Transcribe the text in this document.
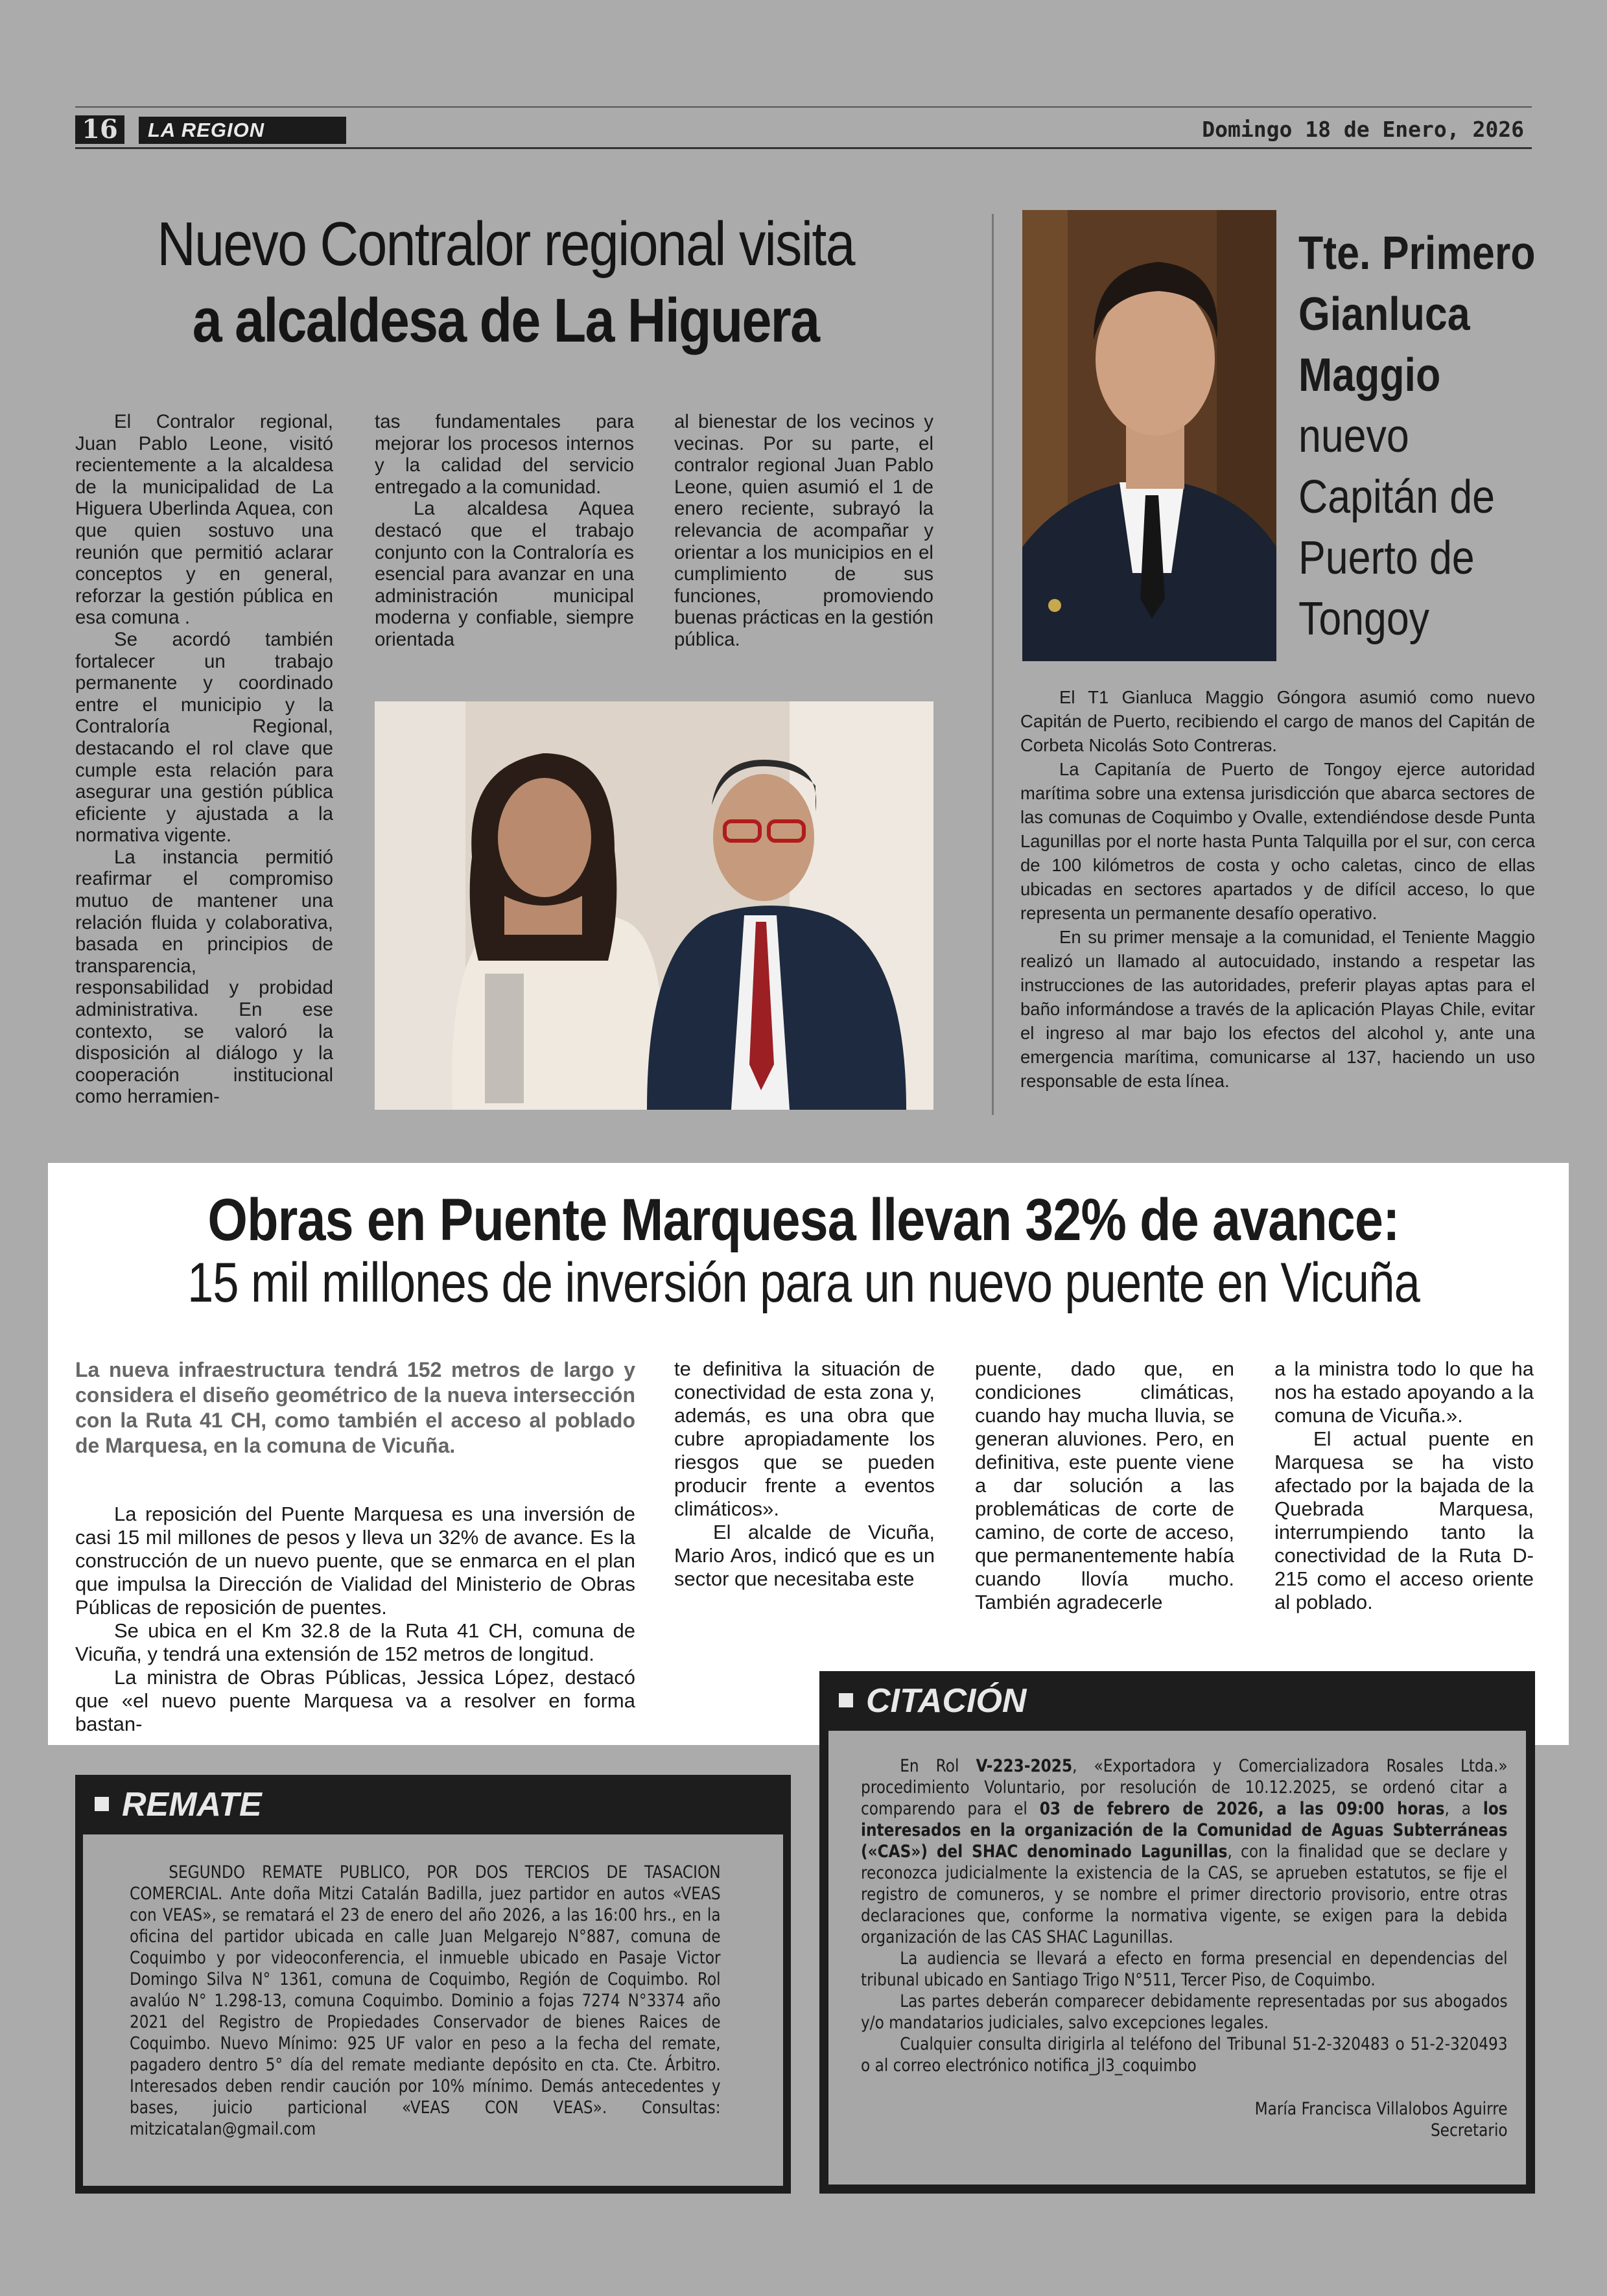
16	LA REGION	Domingo 18 de Enero, 2026
Nuevo Contralor regional visita
a alcaldesa de La Higuera

El Contralor regional, Juan Pablo Leone, visitó recientemente a la alcaldesa de la municipalidad de La Higuera Uberlinda Aquea, con que quien sostuvo una reunión que permitió aclarar conceptos y en general, reforzar la gestión pública en esa comuna .

Se acordó también fortalecer un trabajo permanente y coordinado entre el municipio y la Contraloría Regional, destacando el rol clave que cumple esta relación para asegurar una gestión pública eficiente y ajustada a la normativa vigente.

La instancia permitió reafirmar el compromiso mutuo de mantener una relación fluida y colaborativa, basada en principios de transparencia, responsabilidad y probidad administrativa. En ese contexto, se valoró la disposición al diálogo y la cooperación institucional como herramien-

tas fundamentales para mejorar los procesos internos y la calidad del servicio entregado a la comunidad.

La alcaldesa Aquea destacó que el trabajo conjunto con la Contraloría es esencial para avanzar en una administración municipal moderna y confiable, siempre orientada

al bienestar de los vecinos y vecinas. Por su parte, el contralor regional Juan Pablo Leone, quien asumió el 1 de enero reciente, subrayó la relevancia de acompañar y orientar a los municipios en el cumplimiento de sus funciones, promoviendo buenas prácticas en la gestión pública.

Tte. Primero
Gianluca
Maggio
nuevo
Capitán de
Puerto de
Tongoy

El T1 Gianluca Maggio Góngora asumió como nuevo Capitán de Puerto, recibiendo el cargo de manos del Capitán de Corbeta Nicolás Soto Contreras.

La Capitanía de Puerto de Tongoy ejerce autoridad marítima sobre una extensa jurisdicción que abarca sectores de las comunas de Coquimbo y Ovalle, extendiéndose desde Punta Lagunillas por el norte hasta Punta Talquilla por el sur, con cerca de 100 kilómetros de costa y ocho caletas, cinco de ellas ubicadas en sectores apartados y de difícil acceso, lo que representa un permanente desafío operativo.

En su primer mensaje a la comunidad, el Teniente Maggio realizó un llamado al autocuidado, instando a respetar las instrucciones de las autoridades, preferir playas aptas para el baño informándose a través de la aplicación Playas Chile, evitar el ingreso al mar bajo los efectos del alcohol y, ante una emergencia marítima, comunicarse al 137, haciendo un uso responsable de esta línea.

Obras en Puente Marquesa llevan 32% de avance:
15 mil millones de inversión para un nuevo puente en Vicuña
La nueva infraestructura tendrá 152 metros de largo y considera el diseño geométrico de la nueva intersección con la Ruta 41 CH, como también el acceso al poblado de Marquesa, en la comuna de Vicuña.

La reposición del Puente Marquesa es una inversión de casi 15 mil millones de pesos y lleva un 32% de avance. Es la construcción de un nuevo puente, que se enmarca en el plan que impulsa la Dirección de Vialidad del Ministerio de Obras Públicas de reposición de puentes.

Se ubica en el Km 32.8 de la Ruta 41 CH, comuna de Vicuña, y tendrá una extensión de 152 metros de longitud.

La ministra de Obras Públicas, Jessica López, destacó que «el nuevo puente Marquesa va a resolver en forma bastan-

te definitiva la situación de conectividad de esta zona y, además, es una obra que cubre apropiadamente los riesgos que se pueden producir frente a eventos climáticos».

El alcalde de Vicuña, Mario Aros, indicó que es un sector que necesitaba este

puente, dado que, en condiciones climáticas, cuando hay mucha lluvia, se generan aluviones. Pero, en definitiva, este puente viene a dar solución a las problemáticas de corte de camino, de corte de acceso, que permanentemente había cuando llovía mucho. También agradecerle

a la ministra todo lo que ha nos ha estado apoyando a la comuna de Vicuña.».

El actual puente en Marquesa se ha visto afectado por la bajada de la Quebrada Marquesa, interrumpiendo tanto la conectividad de la Ruta D-215 como el acceso oriente al poblado.

REMATE

SEGUNDO REMATE PUBLICO, POR DOS TERCIOS DE TASACION COMERCIAL. Ante doña Mitzi Catalán Badilla, juez partidor en autos «VEAS con VEAS», se rematará el 23 de enero del año 2026, a las 16:00 hrs., en la oficina del partidor ubicada en calle Juan Melgarejo N°887, comuna de Coquimbo y por videoconferencia, el inmueble ubicado en Pasaje Victor Domingo Silva N° 1361, comuna de Coquimbo, Región de Coquimbo. Rol avalúo N° 1.298-13, comuna Coquimbo. Dominio a fojas 7274 N°3374 año 2021 del Registro de Propiedades Conservador de bienes Raices de Coquimbo. Nuevo Mínimo: 925 UF valor en peso a la fecha del remate, pagadero dentro 5° día del remate mediante depósito en cta. Cte. Árbitro. Interesados deben rendir caución por 10% mínimo. Demás antecedentes y bases, juicio particional «VEAS CON VEAS». Consultas: mitzicatalan@gmail.com

CITACIÓN

En Rol V-223-2025, «Exportadora y Comercializadora Rosales Ltda.» procedimiento Voluntario, por resolución de 10.12.2025, se ordenó citar a comparendo para el 03 de febrero de 2026, a las 09:00 horas, a los interesados en la organización de la Comunidad de Aguas Subterráneas («CAS») del SHAC denominado Lagunillas, con la finalidad que se declare y reconozca judicialmente la existencia de la CAS, se aprueben estatutos, se fije el registro de comuneros, y se nombre el primer directorio provisorio, entre otras declaraciones que, conforme la normativa vigente, se exigen para la debida organización de las CAS SHAC Lagunillas.

La audiencia se llevará a efecto en forma presencial en dependencias del tribunal ubicado en Santiago Trigo N°511, Tercer Piso, de Coquimbo.

Las partes deberán comparecer debidamente representadas por sus abogados y/o mandatarios judiciales, salvo excepciones legales.

Cualquier consulta dirigirla al teléfono del Tribunal 51-2-320483 o 51-2-320493 o al correo electrónico notifica_jl3_coquimbo

María Francisca Villalobos Aguirre
Secretario
